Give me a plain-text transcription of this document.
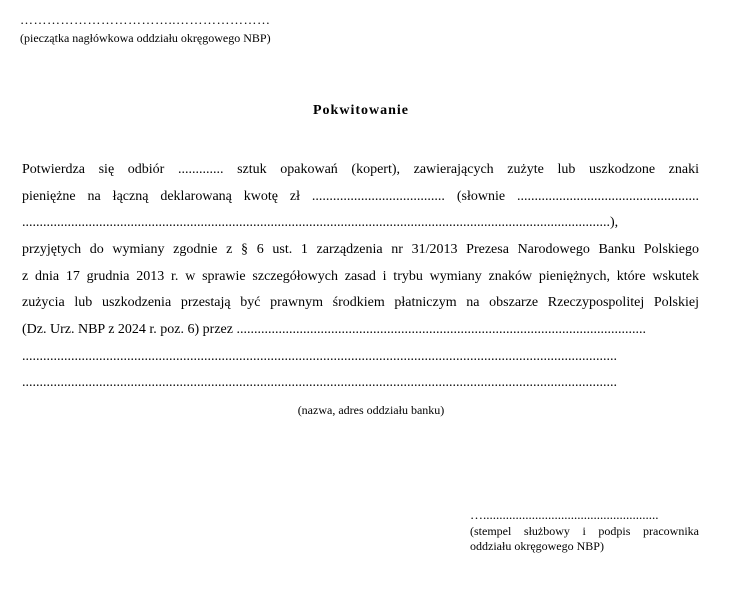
……………………………..…………………
(pieczątka nagłówkowa oddziału okręgowego NBP)
Pokwitowanie
Potwierdza się odbiór ............. sztuk opakowań (kopert), zawierających zużyte lub uszkodzone znaki
pieniężne na łączną deklarowaną kwotę zł ...................................... (słownie ....................................................
........................................................................................................................................................................),
przyjętych do wymiany zgodnie z § 6 ust. 1 zarządzenia nr 31/2013 Prezesa Narodowego Banku Polskiego
z dnia 17 grudnia 2013 r. w sprawie szczegółowych zasad i trybu wymiany znaków pieniężnych, które wskutek
zużycia lub uszkodzenia przestają być prawnym środkiem płatniczym na obszarze Rzeczypospolitej Polskiej
(Dz. Urz. NBP z 2024 r. poz. 6) przez .....................................................................................................................
..........................................................................................................................................................................
..........................................................................................................................................................................
(nazwa, adres oddziału banku)
…......................................................
(stempel służbowy i podpis pracownika
oddziału okręgowego NBP)
